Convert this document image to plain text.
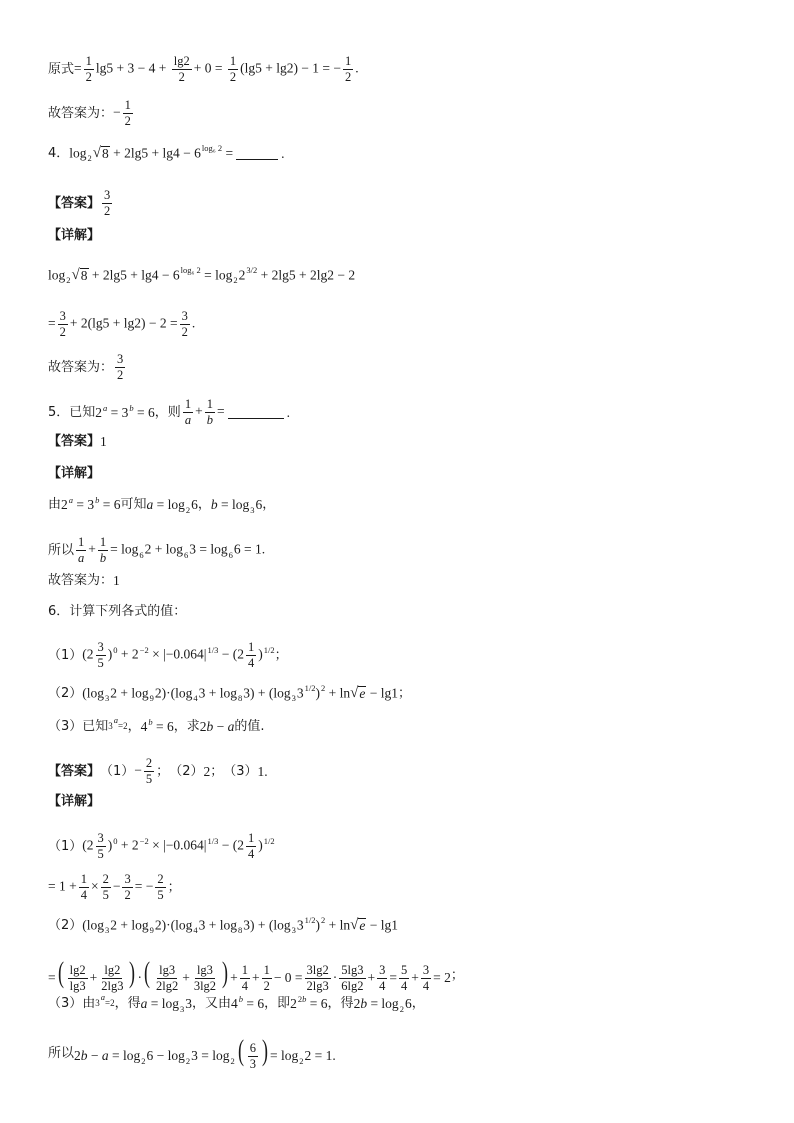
原式 = $\frac{1}{2} \lg 5 + 3 - 4 + \frac{\lg 2}{2} + 0 = \frac{1}{2} (\lg 5 + \lg 2) - 1$ = − $\frac{1}{2}$ .
故答案为： − $\frac{1}{2}$
4． $\log_2$ √ $8 + 2\lg 5 + \lg 4 - 6^{log_6 2}$ =	.
【答案】 $\frac{3}{2}$
【详解】
$\log_2$ √ $8 + 2\lg 5 + \lg 4 - 6^{log_6 2} = \log_22^{3/2} + 2\lg 5 + 2\lg 2 - 2$
= $\frac{3}{2} + 2(\lg 5 + \lg 2) - 2 = \frac{3}{2}$ .
故答案为： $\frac{3}{2}$
5． 已知 $2^a = 3^b = 6$ ，则 $\frac{1}{a} + \frac{1}{b}$ =	.
【答案】 1
【详解】
由 $2^a = 3^b = 6$ 可知 $a = \log_26$ ， $b = \log_36$ ，
所以 $\frac{1}{a} + \frac{1}{b} = \log_62 + \log_63 = \log_66 = 1$.
故答案为： 1
6． 计算下列各式的值：
（1） $(2 \frac{3}{5} )^0 + 2^{-2} \times |-0.064|^{1/3} - (2 \frac{1}{4} )^{1/2}$ ；
（2） $(\log_32 + \log_92)\cdot(\log_43 + \log_83) + (\log_33^{1/2})^2 + \ln$ √ e − lg1 ；
（3） 已知 3a=2 ， $4^b = 6$ ，求 2b − a 的值.
【答案】 $(1) - \frac{2}{5}$ ； （2） 2 ； （3） 1.
【详解】
（1） $(2 \frac{3}{5} )^0 + 2^{-2} \times |-0.064|^{1/3} - (2 \frac{1}{4} )^{1/2}$
= $1 + \frac{1}{4} \times \frac{2}{5} - \frac{3}{2}$ = − $\frac{2}{5}$ ；
（2） $(\log_32 + \log_92)\cdot(\log_43 + \log_83) + (\log_33^{1/2})^2 + \ln$ √ e − lg1
=( $\frac{\lg 2}{\lg 3} + \frac{\lg 2}{2\lg 3}$ ) ·( $\frac{\lg 3}{2\lg 2} + \frac{\lg 3}{3\lg 2}$ ) + $\frac{1}{4} + \frac{1}{2} - 0 = \frac{3\lg 2}{2\lg 3} \cdot \frac{5\lg 3}{6\lg 2} + \frac{3}{4} = \frac{5}{4} + \frac{3}{4} = 2$ ；
（3） 由 3a=2 ，得 $a = \log_33$ ，又由 $4^b = 6$ ，即 $2^{2b} = 6$ ，得 $2b = \log_26$ ，
所以 $2b - a = \log_26 - \log_23 = \log_2$ ( $\frac{6}{3}$ ) = $\log_22 = 1$.
